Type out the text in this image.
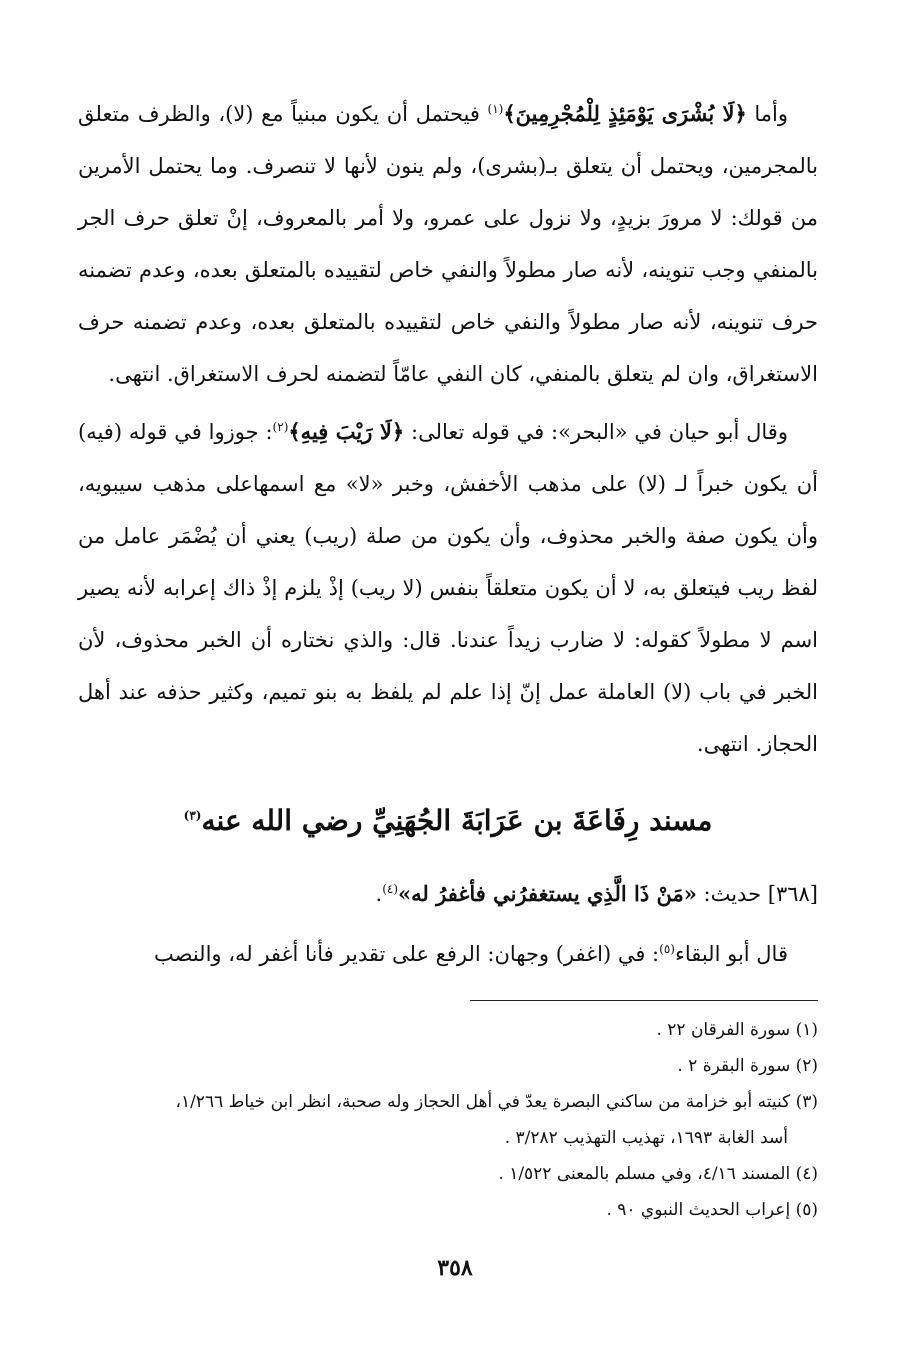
وأما ﴿لَا بُشْرَى يَوْمَئِذٍ لِلْمُجْرِمِينَ﴾$^{(١)}$ فيحتمل أن يكون مبنياً مع (لا)، والظرف متعلق بالمجرمين، ويحتمل أن يتعلق بـ(بشرى)، ولم ينون لأنها لا تنصرف. وما يحتمل الأمرين من قولك: لا مرورَ بزيدٍ، ولا نزول على عمرو، ولا أمر بالمعروف، إنْ تعلق حرف الجر بالمنفي وجب تنوينه، لأنه صار مطولاً والنفي خاص لتقييده بالمتعلق بعده، وعدم تضمنه حرف تنوينه، لأنه صار مطولاً والنفي خاص لتقييده بالمتعلق بعده، وعدم تضمنه حرف الاستغراق، وان لم يتعلق بالمنفي، كان النفي عامّاً لتضمنه لحرف الاستغراق. انتهى.

وقال أبو حيان في «البحر»: في قوله تعالى: ﴿لَا رَيْبَ فِيهِ﴾$^{(٢)}$: جوزوا في قوله (فيه) أن يكون خبراً لـ (لا) على مذهب الأخفش، وخبر «لا» مع اسمهاعلى مذهب سيبويه، وأن يكون صفة والخبر محذوف، وأن يكون من صلة (ريب) يعني أن يُضْمَر عامل من لفظ ريب فيتعلق به، لا أن يكون متعلقاً بنفس (لا ريب) إذْ يلزم إذْ ذاك إعرابه لأنه يصير اسم لا مطولاً كقوله: لا ضارب زيداً عندنا. قال: والذي نختاره أن الخبر محذوف، لأن الخبر في باب (لا) العاملة عمل إنّ إذا علم لم يلفظ به بنو تميم، وكثير حذفه عند أهل الحجاز. انتهى.

مسند رِفَاعَةَ بن عَرَابَةَ الجُهَنِيِّ رضي الله عنه$^{(٣)}$
[٣٦٨] حديث: «مَنْ ذَا الَّذِي يستغفرُني فأغفرُ له»$^{(٤)}$.
قال أبو البقاء$^{(٥)}$: في (اغفر) وجهان: الرفع على تقدير فأنا أغفر له، والنصب

(١) سورة الفرقان ٢٢ .

(٢) سورة البقرة ٢ .

(٣) كنيته أبو خزامة من ساكني البصرة يعدّ في أهل الحجاز وله صحبة، انظر ابن خياط ١/٢٦٦،

أسد الغابة ١٦٩٣، تهذيب التهذيب ٣/٢٨٢ .

(٤) المسند ٤/١٦، وفي مسلم بالمعنى ١/٥٢٢ .

(٥) إعراب الحديث النبوي ٩٠ .

٣٥٨
